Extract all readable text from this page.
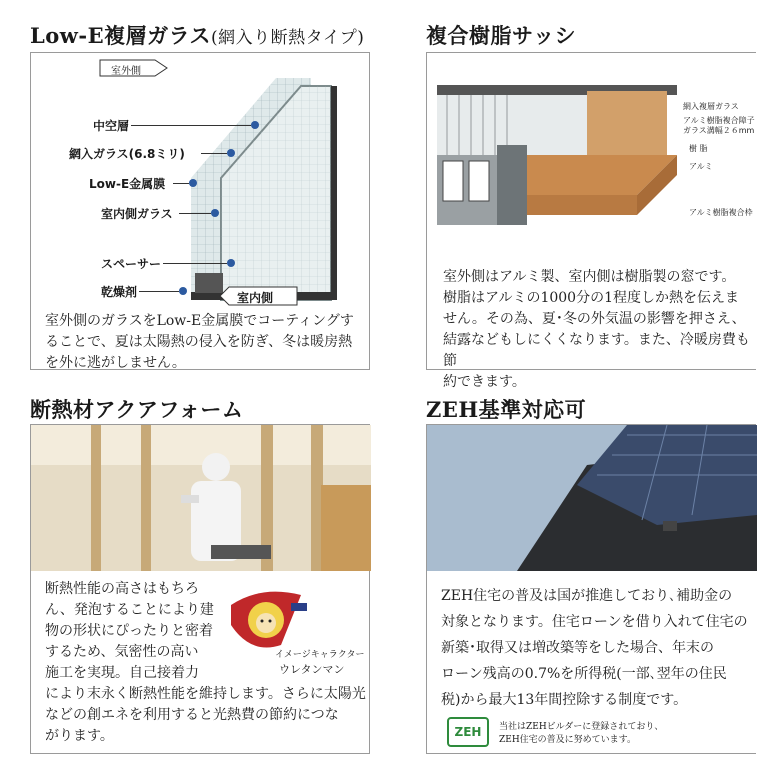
Low-E複層ガラス(網入り断熱タイプ)
室外側
中空層
網入ガラス(6.8ミリ)
Low-E金属膜
室内側ガラス
スペーサー
乾燥剤	室内側
室外側のガラスをLow-E金属膜でコーティングす
ることで、夏は太陽熱の侵入を防ぎ、冬は暖房熱
を外に逃がしません。
複合樹脂サッシ
網入複層ガラス
アルミ樹脂複合障子
ガラス溝幅２６mm
樹 脂
アルミ
アルミ樹脂複合枠
室外側はアルミ製、室内側は樹脂製の窓です。
樹脂はアルミの1000分の1程度しか熱を伝えま
せん。その為、夏･冬の外気温の影響を押さえ、
結露などもしにくくなります。また、冷暖房費も節
約できます。
断熱材アクアフォーム
断熱性能の高さはもちろ
ん、発泡することにより建
物の形状にぴったりと密着
するため、気密性の高い
施工を実現。自己接着力
イメージキャラクター
ウレタンマン
により末永く断熱性能を維持します。さらに太陽光
などの創エネを利用すると光熱費の節約につな
がります。
ZEH基準対応可
ZEH住宅の普及は国が推進しており､補助金の
対象となります。住宅ローンを借り入れて住宅の
新築･取得又は増改築等をした場合、年末の
ローン残高の0.7%を所得税(一部､翌年の住民
税)から最大13年間控除する制度です。
ZEH	当社はZEHビルダーに登録されており、
ZEH住宅の普及に努めています。
